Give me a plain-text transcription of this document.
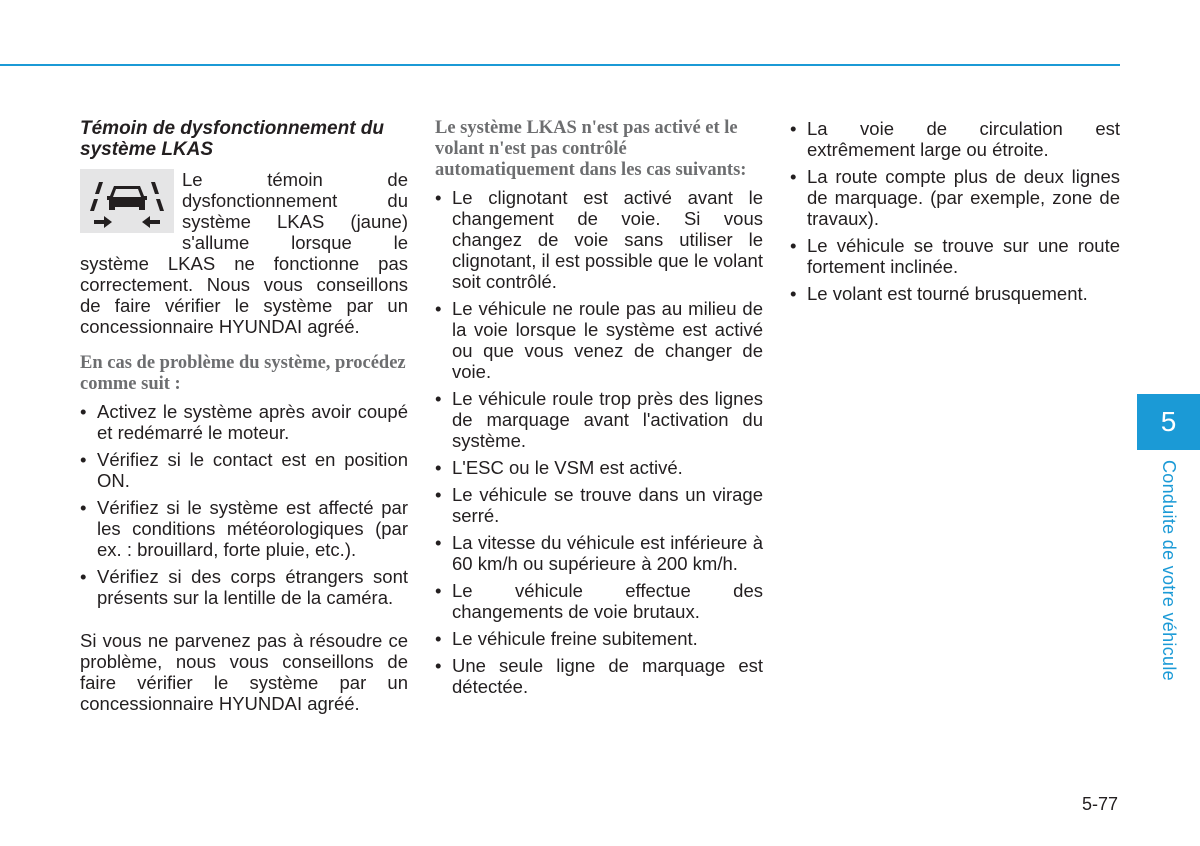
Témoin de dysfonctionnement du système LKAS

Le témoin de dysfonctionnement du système LKAS (jaune) s'allume lorsque le système LKAS ne fonctionne pas correctement. Nous vous conseillons de faire vérifier le système par un concessionnaire HYUNDAI agréé.

En cas de problème du système, procédez comme suit :

• Activez le système après avoir coupé et redémarré le moteur.
• Vérifiez si le contact est en position ON.
• Vérifiez si le système est affecté par les conditions météorologiques (par ex. : brouillard, forte pluie, etc.).
• Vérifiez si des corps étrangers sont présents sur la lentille de la caméra.

Si vous ne parvenez pas à résoudre ce problème, nous vous conseillons de faire vérifier le système par un concessionnaire HYUNDAI agréé.

Le système LKAS n'est pas activé et le volant n'est pas contrôlé automatiquement dans les cas suivants:

• Le clignotant est activé avant le changement de voie. Si vous changez de voie sans utiliser le clignotant, il est possible que le volant soit contrôlé.
• Le véhicule ne roule pas au milieu de la voie lorsque le système est activé ou que vous venez de changer de voie.
• Le véhicule roule trop près des lignes de marquage avant l'activation du système.
• L'ESC ou le VSM est activé.
• Le véhicule se trouve dans un virage serré.
• La vitesse du véhicule est inférieure à 60 km/h ou supérieure à 200 km/h.
• Le véhicule effectue des changements de voie brutaux.
• Le véhicule freine subitement.
• Une seule ligne de marquage est détectée.
• La voie de circulation est extrêmement large ou étroite.
• La route compte plus de deux lignes de marquage. (par exemple, zone de travaux).
• Le véhicule se trouve sur une route fortement inclinée.
• Le volant est tourné brusquement.
5
Conduite de votre véhicule
5-77
